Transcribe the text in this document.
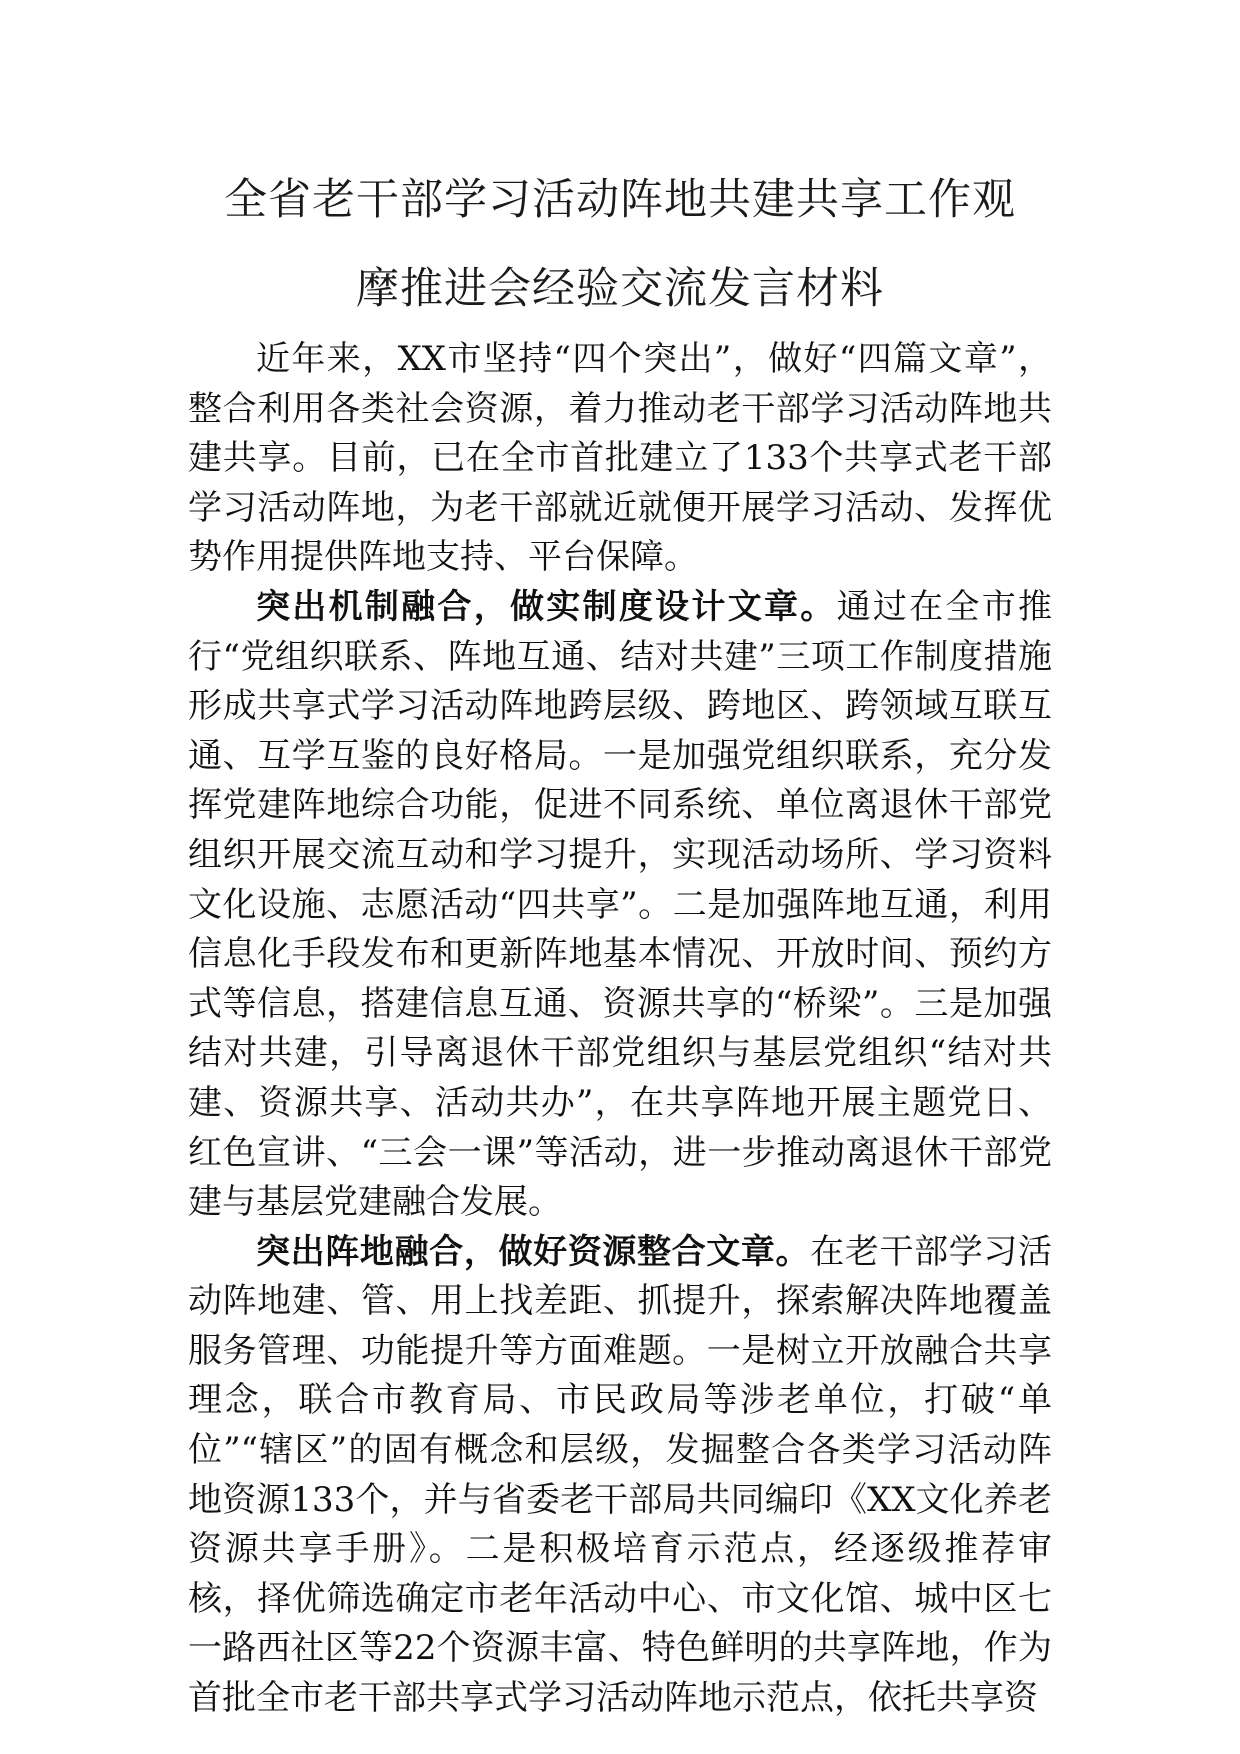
全省老干部学习活动阵地共建共享工作观
摩推进会经验交流发言材料

近年来，XX市坚持“四个突出”，做好“四篇文章”，整合利用各类社会资源，着力推动老干部学习活动阵地共建共享。目前，已在全市首批建立了133个共享式老干部学习活动阵地，为老干部就近就便开展学习活动、发挥优势作用提供阵地支持、平台保障。

突出机制融合，做实制度设计文章。通过在全市推行“党组织联系、阵地互通、结对共建”三项工作制度措施形成共享式学习活动阵地跨层级、跨地区、跨领域互联互通、互学互鉴的良好格局。一是加强党组织联系，充分发挥党建阵地综合功能，促进不同系统、单位离退休干部党组织开展交流互动和学习提升，实现活动场所、学习资料文化设施、志愿活动“四共享”。二是加强阵地互通，利用信息化手段发布和更新阵地基本情况、开放时间、预约方式等信息，搭建信息互通、资源共享的“桥梁”。三是加强结对共建，引导离退休干部党组织与基层党组织“结对共建、资源共享、活动共办”，在共享阵地开展主题党日、红色宣讲、“三会一课”等活动，进一步推动离退休干部党建与基层党建融合发展。

突出阵地融合，做好资源整合文章。在老干部学习活动阵地建、管、用上找差距、抓提升，探索解决阵地覆盖服务管理、功能提升等方面难题。一是树立开放融合共享理念，联合市教育局、市民政局等涉老单位，打破“单位”“辖区”的固有概念和层级，发掘整合各类学习活动阵地资源133个，并与省委老干部局共同编印《XX文化养老资源共享手册》。二是积极培育示范点，经逐级推荐审核，择优筛选确定市老年活动中心、市文化馆、城中区七一路西社区等22个资源丰富、特色鲜明的共享阵地，作为首批全市老干部共享式学习活动阵地示范点，依托共享资
